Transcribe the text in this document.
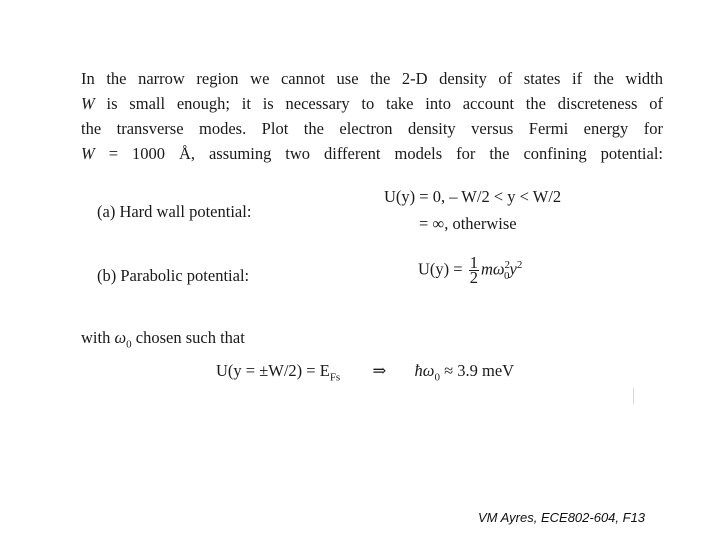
In the narrow region we cannot use the 2-D density of states if the width
W is small enough; it is necessary to take into account the discreteness of
the transverse modes. Plot the electron density versus Fermi energy for
W = 1000 Å, assuming two different models for the confining potential:
(a) Hard wall potential:
U(y) = 0, – W/2 < y < W/2
= ∞, otherwise
(b) Parabolic potential:	$U(y) = \frac{1}{2} m\omega^2_0y^2$
with $\omega_0$ chosen such that
$U(y = \pm W/2) = E_{Fs}$ ⇒ $ħ\omega_0 \approx 3.9$ meV
VM Ayres, ECE802-604, F13
